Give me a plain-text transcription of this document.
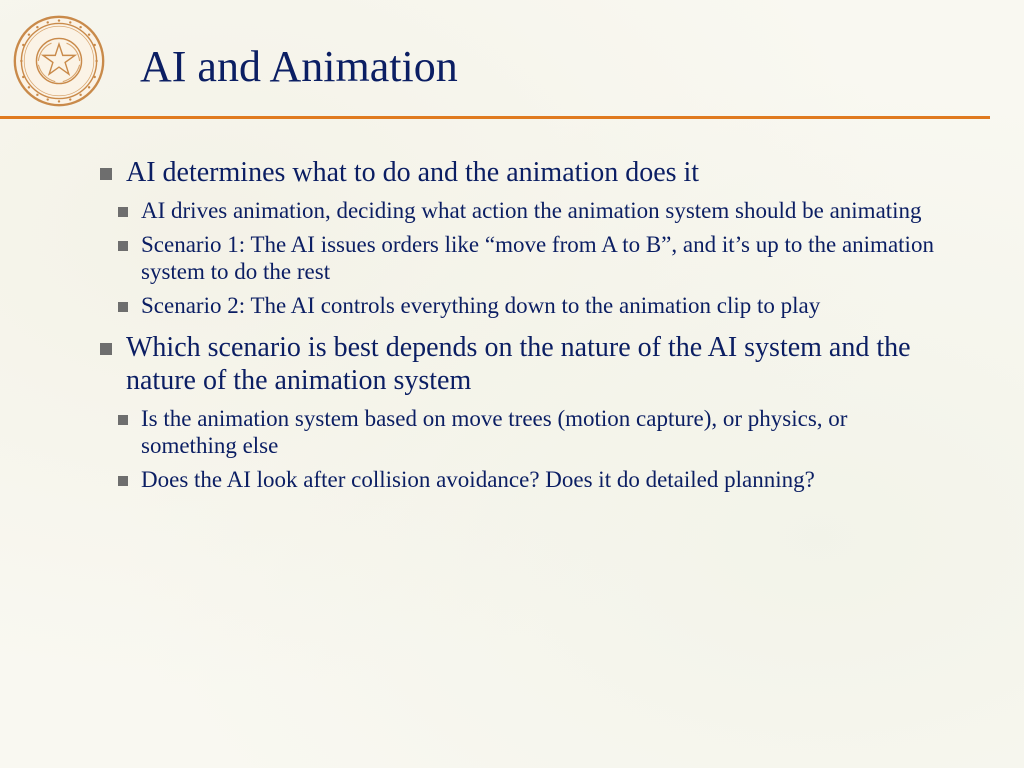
AI and Animation
AI determines what to do and the animation does it
AI drives animation, deciding what action the animation system should be animating
Scenario 1: The AI issues orders like “move from A to B”, and it’s up to the animation system to do the rest
Scenario 2: The AI controls everything down to the animation clip to play
Which scenario is best depends on the nature of the AI system and the nature of the animation system
Is the animation system based on move trees (motion capture), or physics, or something else
Does the AI look after collision avoidance? Does it do detailed planning?
